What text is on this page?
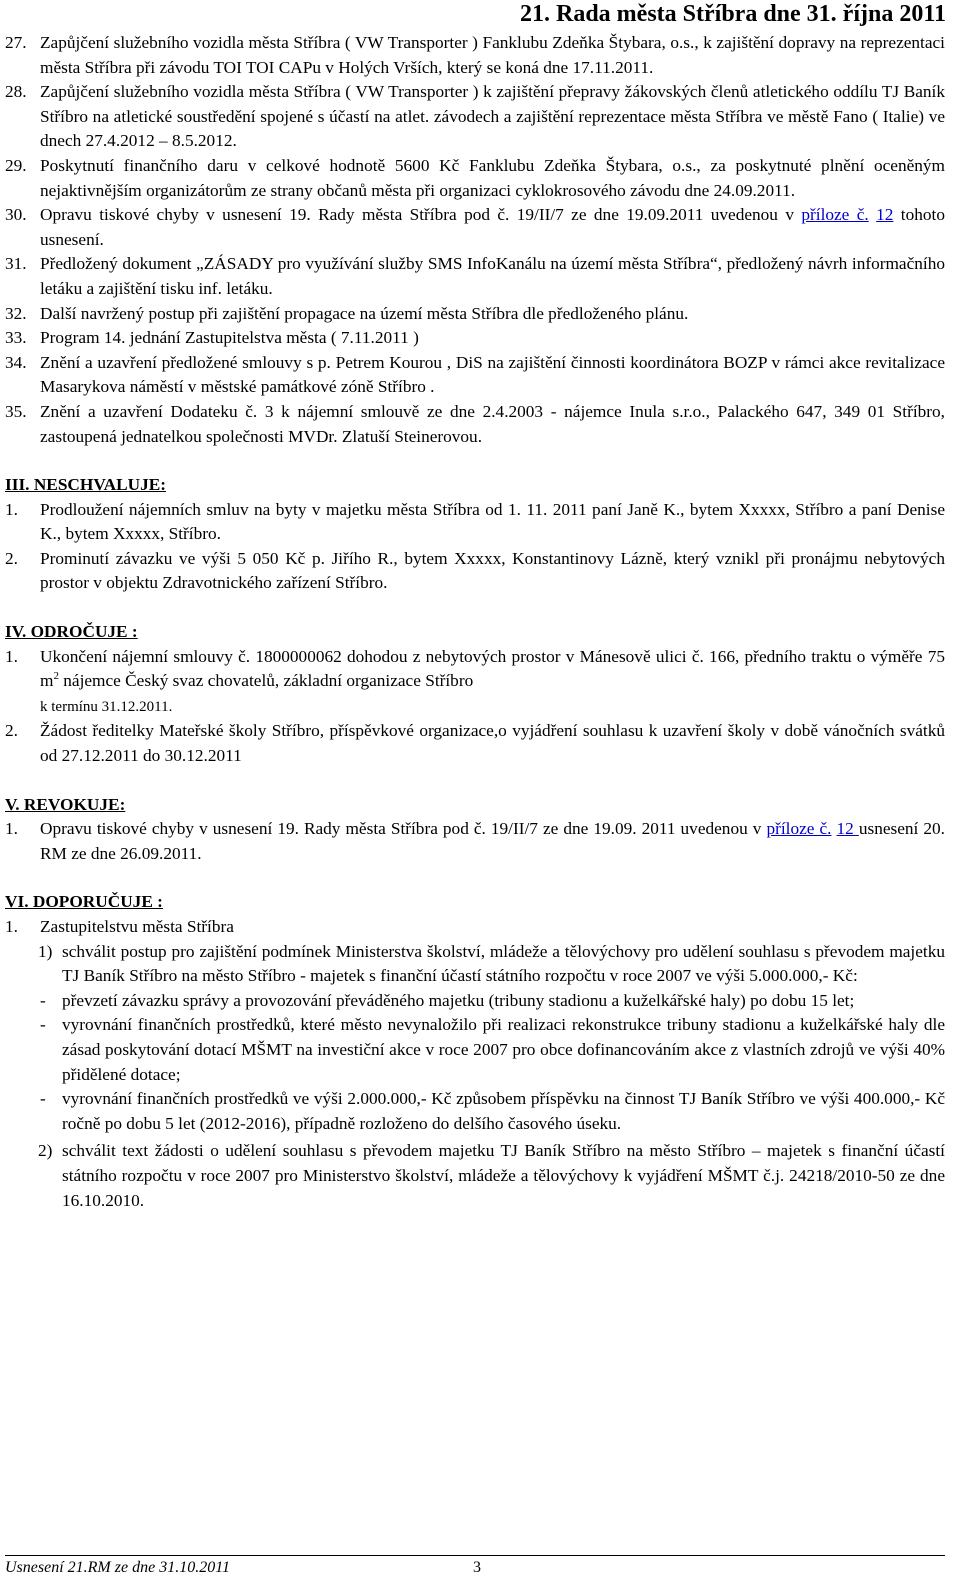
21. Rada města Stříbra dne 31. října 2011
27. Zapůjčení služebního vozidla města Stříbra ( VW Transporter ) Fanklubu Zdeňka Štybara, o.s., k zajištění dopravy na reprezentaci města Stříbra při závodu TOI TOI CAPu v Holých Vrších, který se koná dne 17.11.2011.
28. Zapůjčení služebního vozidla města Stříbra ( VW Transporter ) k zajištění přepravy žákovských členů atletického oddílu TJ Baník Stříbro na atletické soustředění spojené s účastí na atlet. závodech a zajištění reprezentace města Stříbra ve městě Fano ( Italie) ve dnech 27.4.2012 – 8.5.2012.
29. Poskytnutí finančního daru v celkové hodnotě 5600 Kč Fanklubu Zdeňka Štybara, o.s., za poskytnuté plnění oceněným nejaktivnějším organizátorům ze strany občanů města při organizaci cyklokrosového závodu dne 24.09.2011.
30. Opravu tiskové chyby v usnesení 19. Rady města Stříbra pod č. 19/II/7 ze dne 19.09.2011 uvedenou v příloze č. 12 tohoto usnesení.
31. Předložený dokument „ZÁSADY pro využívání služby SMS InfoKanálu na území města Stříbra“, předložený návrh informačního letáku a zajištění tisku inf. letáku.
32. Další navržený postup při zajištění propagace na území města Stříbra dle předloženého plánu.
33. Program 14. jednání Zastupitelstva města ( 7.11.2011 )
34. Znění a uzavření předložené smlouvy s p. Petrem Kourou , DiS na zajištění činnosti koordinátora BOZP v rámci akce revitalizace Masarykova náměstí v městské památkové zóně Stříbro .
35. Znění a uzavření Dodateku č. 3 k nájemní smlouvě ze dne 2.4.2003 - nájemce Inula s.r.o., Palackého 647, 349 01 Stříbro, zastoupená jednatelkou společnosti MVDr. Zlatuší Steinerovou.
III. NESCHVALUJE:
1. Prodloužení nájemních smluv na byty v majetku města Stříbra od 1. 11. 2011 paní Janě K., bytem Xxxxx, Stříbro a paní Denise K., bytem Xxxxx, Stříbro.
2. Prominutí závazku ve výši 5 050 Kč p. Jiřího R., bytem Xxxxx, Konstantinovy Lázně, který vznikl při pronájmu nebytových prostor v objektu Zdravotnického zařízení Stříbro.
IV. ODROČUJE :
1. Ukončení nájemní smlouvy č. 1800000062 dohodou z nebytových prostor v Mánesově ulici č. 166, předního traktu o výměře 75 $m^2$ nájemce Český svaz chovatelů, základní organizace Stříbro
k termínu 31.12.2011.
2. Žádost ředitelky Mateřské školy Stříbro, příspěvkové organizace,o vyjádření souhlasu k uzavření školy v době vánočních svátků od 27.12.2011 do 30.12.2011
V. REVOKUJE:
1. Opravu tiskové chyby v usnesení 19. Rady města Stříbra pod č. 19/II/7 ze dne 19.09. 2011 uvedenou v příloze č. 12 usnesení 20. RM ze dne 26.09.2011.
VI. DOPORUČUJE :
1. Zastupitelstvu města Stříbra
1) schválit postup pro zajištění podmínek Ministerstva školství, mládeže a tělovýchovy pro udělení souhlasu s převodem majetku TJ Baník Stříbro na město Stříbro - majetek s finanční účastí státního rozpočtu v roce 2007 ve výši 5.000.000,- Kč:
- převzetí závazku správy a provozování převáděného majetku (tribuny stadionu a kuželkářské haly) po dobu 15 let;
- vyrovnání finančních prostředků, které město nevynaložilo při realizaci rekonstrukce tribuny stadionu a kuželkářské haly dle zásad poskytování dotací MŠMT na investiční akce v roce 2007 pro obce dofinancováním akce z vlastních zdrojů ve výši 40% přidělené dotace;
- vyrovnání finančních prostředků ve výši 2.000.000,- Kč způsobem příspěvku na činnost TJ Baník Stříbro ve výši 400.000,- Kč ročně po dobu 5 let (2012-2016), případně rozloženo do delšího časového úseku.
2) schválit text žádosti o udělení souhlasu s převodem majetku TJ Baník Stříbro na město Stříbro – majetek s finanční účastí státního rozpočtu v roce 2007 pro Ministerstvo školství, mládeže a tělovýchovy k vyjádření MŠMT č.j. 24218/2010-50 ze dne 16.10.2010.
Usnesení 21.RM ze dne 31.10.2011	3
